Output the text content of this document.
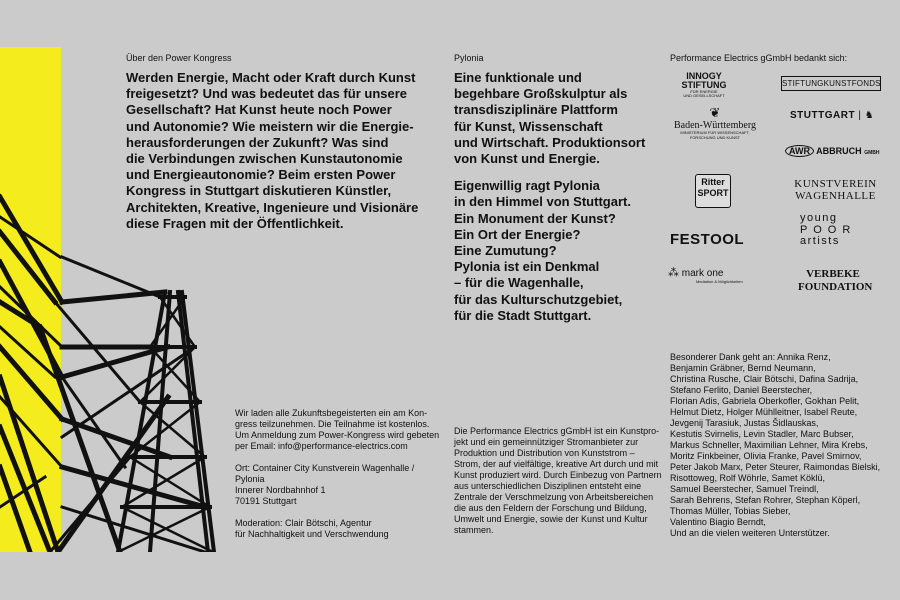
Über den Power Kongress

Werden Energie, Macht oder Kraft durch Kunst
freigesetzt? Und was bedeutet das für unsere
Gesellschaft? Hat Kunst heute noch Power
und Autonomie? Wie meistern wir die Energie-
herausforderungen der Zukunft? Was sind
die Verbindungen zwischen Kunstautonomie
und Energieautonomie? Beim ersten Power
Kongress in Stuttgart diskutieren Künstler,
Architekten, Kreative, Ingenieure und Visionäre
diese Fragen mit der Öffentlichkeit.

Pylonia

Eine funktionale und
begehbare Großskulptur als
transdisziplinäre Plattform
für Kunst, Wissenschaft
und Wirtschaft. Produktionsort
von Kunst und Energie.

Eigenwillig ragt Pylonia
in den Himmel von Stuttgart.
Ein Monument der Kunst?
Ein Ort der Energie?
Eine Zumutung?
Pylonia ist ein Denkmal
– für die Wagenhalle,
für das Kulturschutzgebiet,
für die Stadt Stuttgart.

Performance Electrics gGmbH bedankt sich:

INNOGY
STIFTUNG

FÜR ENERGIE
UND GESELLSCHAFT

STIFTUNGKUNSTFONDS
❦

Baden-Württemberg

MINISTERIUM FÜR WISSENSCHAFT,
FORSCHUNG UND KUNST

STUTTGART | ♞
AWR ABBRUCH GMBH

Ritter
SPORT

KUNSTVEREIN
WAGENHALLE

FESTOOL

young
P O O R
artists

⁂ mark one
Mediation & Möglichkeiten

VERBEKE
FOUNDATION

Wir laden alle Zukunftsbegeisterten ein am Kon-
gress teilzunehmen. Die Teilnahme ist kostenlos.
Um Anmeldung zum Power-Kongress wird gebeten
per Email: info@performance-electrics.com

Ort: Container City Kunstverein Wagenhalle /
Pylonia
Innerer Nordbahnhof 1
70191 Stuttgart

Moderation: Clair Bötschi, Agentur
für Nachhaltigkeit und Verschwendung

Die Performance Electrics gGmbH ist ein Kunstpro-
jekt und ein gemeinnütziger Stromanbieter zur
Produktion und Distribution von Kunststrom –
Strom, der auf vielfältige, kreative Art durch und mit
Kunst produziert wird. Durch Einbezug von Partnern
aus unterschiedlichen Disziplinen entsteht eine
Zentrale der Verschmelzung von Arbeitsbereichen
die aus den Feldern der Forschung und Bildung,
Umwelt und Energie, sowie der Kunst und Kultur
stammen.

Besonderer Dank geht an: Annika Renz,
Benjamin Gräbner, Bernd Neumann,
Christina Rusche, Clair Bötschi, Dafina Sadrija,
Stefano Ferlito, Daniel Beerstecher,
Florian Adis, Gabriela Oberkofler, Gokhan Pelit,
Helmut Dietz, Holger Mühlleitner, Isabel Reute,
Jevgenij Tarasiuk, Justas Šidlauskas,
Kestutis Svirnelis, Levin Stadler, Marc Bubser,
Markus Schneller, Maximilian Lehner, Mira Krebs,
Moritz Finkbeiner, Olivia Franke, Pavel Smirnov,
Peter Jakob Marx, Peter Steurer, Raimondas Bielski,
Risottoweg, Rolf Wöhrle, Samet Köklü,
Samuel Beerstecher, Samuel Treindl,
Sarah Behrens, Stefan Rohrer, Stephan Köperl,
Thomas Müller, Tobias Sieber,
Valentino Biagio Berndt,
Und an die vielen weiteren Unterstützer.
